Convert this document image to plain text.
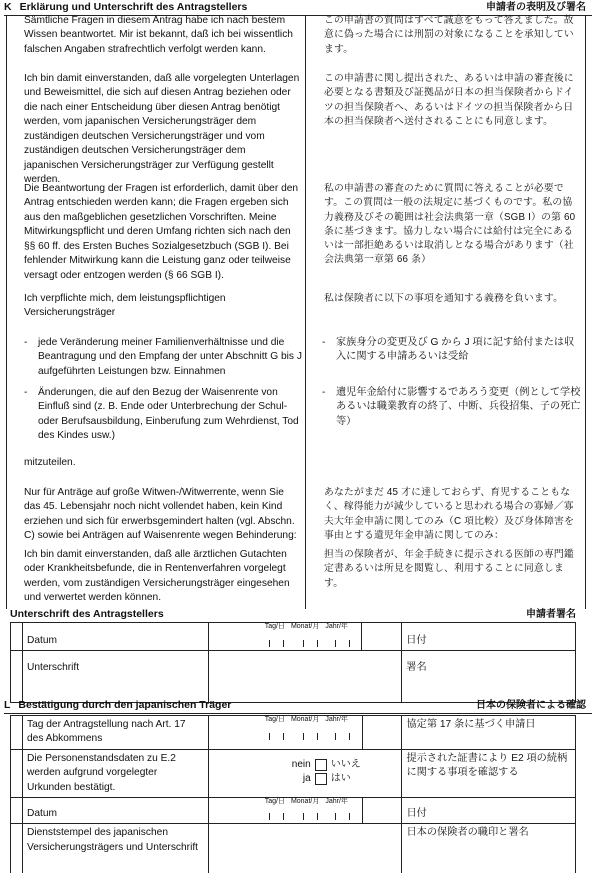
K Erklärung und Unterschrift des Antragstellers	申請者の表明及び署名
Sämtliche Fragen in diesem Antrag habe ich nach bestem Wissen beantwortet. Mir ist bekannt, daß ich bei wissentlich falschen Angaben strafrechtlich verfolgt werden kann.
この申請書の質問はすべて誠意をもって答えました。故意に偽った場合には刑罰の対象になることを承知しています。
Ich bin damit einverstanden, daß alle vorgelegten Unterlagen und Beweismittel, die sich auf diesen Antrag beziehen oder die nach einer Entscheidung über diesen Antrag benötigt werden, vom japanischen Versicherungsträger dem zuständigen deutschen Versicherungsträger und vom zuständigen deutschen Versicherungsträger dem japanischen Versicherungsträger zur Verfügung gestellt werden.
この申請書に関し提出された、あるいは申請の審査後に必要となる書類及び証拠品が日本の担当保険者からドイツの担当保険者へ、あるいはドイツの担当保険者から日本の担当保険者へ送付されることにも同意します。
Die Beantwortung der Fragen ist erforderlich, damit über den Antrag entschieden werden kann; die Fragen ergeben sich aus den maßgeblichen gesetzlichen Vorschriften. Meine Mitwirkungspflicht und deren Umfang richten sich nach den §§ 60 ff. des Ersten Buches Sozialgesetzbuch (SGB I). Bei fehlender Mitwirkung kann die Leistung ganz oder teilweise versagt oder entzogen werden (§ 66 SGB I).
私の申請書の審査のために質問に答えることが必要です。この質問は一般の法規定に基づくものです。私の協力義務及びその範囲は社会法典第一章（SGB I）の第 60 条に基づきます。協力しない場合には給付は完全にあるいは一部拒絶あるいは取消しとなる場合があります（社会法典第一章第 66 条）
Ich verpflichte mich, dem leistungspflichtigen Versicherungsträger
私は保険者に以下の事項を通知する義務を負います。
- jede Veränderung meiner Familienverhältnisse und die Beantragung und den Empfang der unter Abschnitt G bis J aufgeführten Leistungen bzw. Einnahmen
- 家族身分の変更及び G から J 項に記す給付または収入に関する申請あるいは受給
- Änderungen, die auf den Bezug der Waisenrente von Einfluß sind (z. B. Ende oder Unterbrechung der Schul- oder Berufsausbildung, Einberufung zum Wehrdienst, Tod des Kindes usw.)
- 遺児年金給付に影響するであろう変更（例として学校あるいは職業教育の終了、中断、兵役招集、子の死亡等）
mitzuteilen.
Nur für Anträge auf große Witwen-/Witwerrente, wenn Sie das 45. Lebensjahr noch nicht vollendet haben, kein Kind erziehen und sich für erwerbsgemindert halten (vgl. Abschn. C) sowie bei Anträgen auf Waisenrente wegen Behinderung:
あなたがまだ 45 才に達しておらず、育児することもなく、稼得能力が減少していると思われる場合の寡婦／寡夫大年金申請に関してのみ（C 項比較）及び身体障害を事由とする遺児年金申請に関してのみ：
Ich bin damit einverstanden, daß alle ärztlichen Gutachten oder Krankheitsbefunde, die in Rentenverfahren vorgelegt werden, vom zuständigen Versicherungsträger eingesehen und verwertet werden können.
担当の保険者が、年金手続きに提示される医師の専門鑑定書あるいは所見を閲覧し、利用することに同意します。
Unterschrift des Antragstellers	申請者署名
	Datum	Tag/日 Monat/月 Jahr/年		日付
	Unterschrift			署名
L Bestätigung durch den japanischen Träger	日本の保険者による確認
	Tag der Antragstellung nach Art. 17 des Abkommens	Tag/日 Monat/月 Jahr/年		協定第 17 条に基づく申請日
	Die Personenstandsdaten zu E.2 werden aufgrund vorgelegter Urkunden bestätigt.	nein いいえ
ja はい		提示された証書により E2 項の続柄に関する事項を確認する
	Datum	Tag/日 Monat/月 Jahr/年		日付
	Dienststempel des japanischen Versicherungsträgers und Unterschrift			日本の保険者の職印と署名
